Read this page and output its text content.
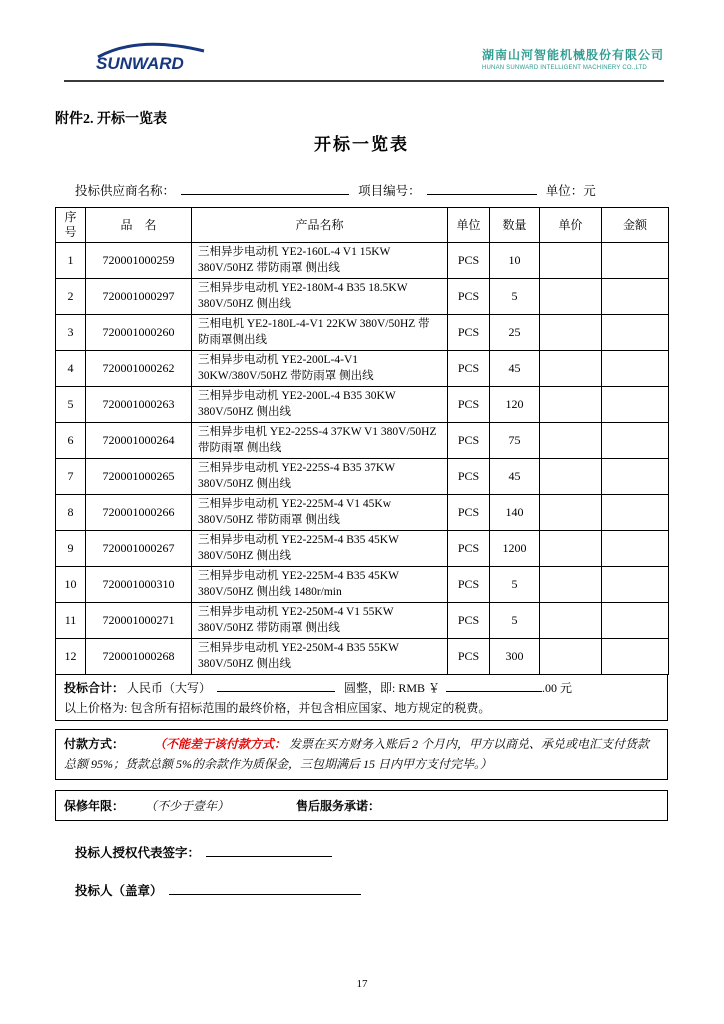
SUNWARD	湖南山河智能机械股份有限公司
HUNAN SUNWARD INTELLIGENT MACHINERY CO.,LTD
附件2. 开标一览表
开标一览表
投标供应商名称：	项目编号：	单位：元
序号	品　名	产品名称	单位	数量	单价	金额
1	720001000259	三相异步电动机 YE2-160L-4 V1 15KW 380V/50HZ 带防雨罩 侧出线	PCS	10		
2	720001000297	三相异步电动机 YE2-180M-4 B35 18.5KW 380V/50HZ 侧出线	PCS	5		
3	720001000260	三相电机 YE2-180L-4-V1 22KW 380V/50HZ 带防雨罩侧出线	PCS	25		
4	720001000262	三相异步电动机 YE2-200L-4-V1 30KW/380V/50HZ 带防雨罩 侧出线	PCS	45		
5	720001000263	三相异步电动机 YE2-200L-4 B35 30KW 380V/50HZ 侧出线	PCS	120		
6	720001000264	三相异步电机 YE2-225S-4 37KW V1 380V/50HZ 带防雨罩 侧出线	PCS	75		
7	720001000265	三相异步电动机 YE2-225S-4 B35 37KW 380V/50HZ 侧出线	PCS	45		
8	720001000266	三相异步电动机 YE2-225M-4 V1 45Kw 380V/50HZ 带防雨罩 侧出线	PCS	140		
9	720001000267	三相异步电动机 YE2-225M-4 B35 45KW 380V/50HZ 侧出线	PCS	1200		
10	720001000310	三相异步电动机 YE2-225M-4 B35 45KW 380V/50HZ 侧出线 1480r/min	PCS	5		
11	720001000271	三相异步电动机 YE2-250M-4 V1 55KW 380V/50HZ 带防雨罩 侧出线	PCS	5		
12	720001000268	三相异步电动机 YE2-250M-4 B35 55KW 380V/50HZ 侧出线	PCS	300		
投标合计： 人民币（大写）	圆整，即: RMB ￥	.00 元
以上价格为: 包含所有招标范围的最终价格，并包含相应国家、地方规定的税费。
付款方式：	（不能差于该付款方式： 发票在买方财务入账后 2 个月内，甲方以商兑、承兑或电汇支付货款总额 95%；货款总额 5%的余款作为质保金，三包期满后 15 日内甲方支付完毕。）
保修年限： （不少于壹年）	售后服务承诺：
投标人授权代表签字：
投标人（盖章）
17
